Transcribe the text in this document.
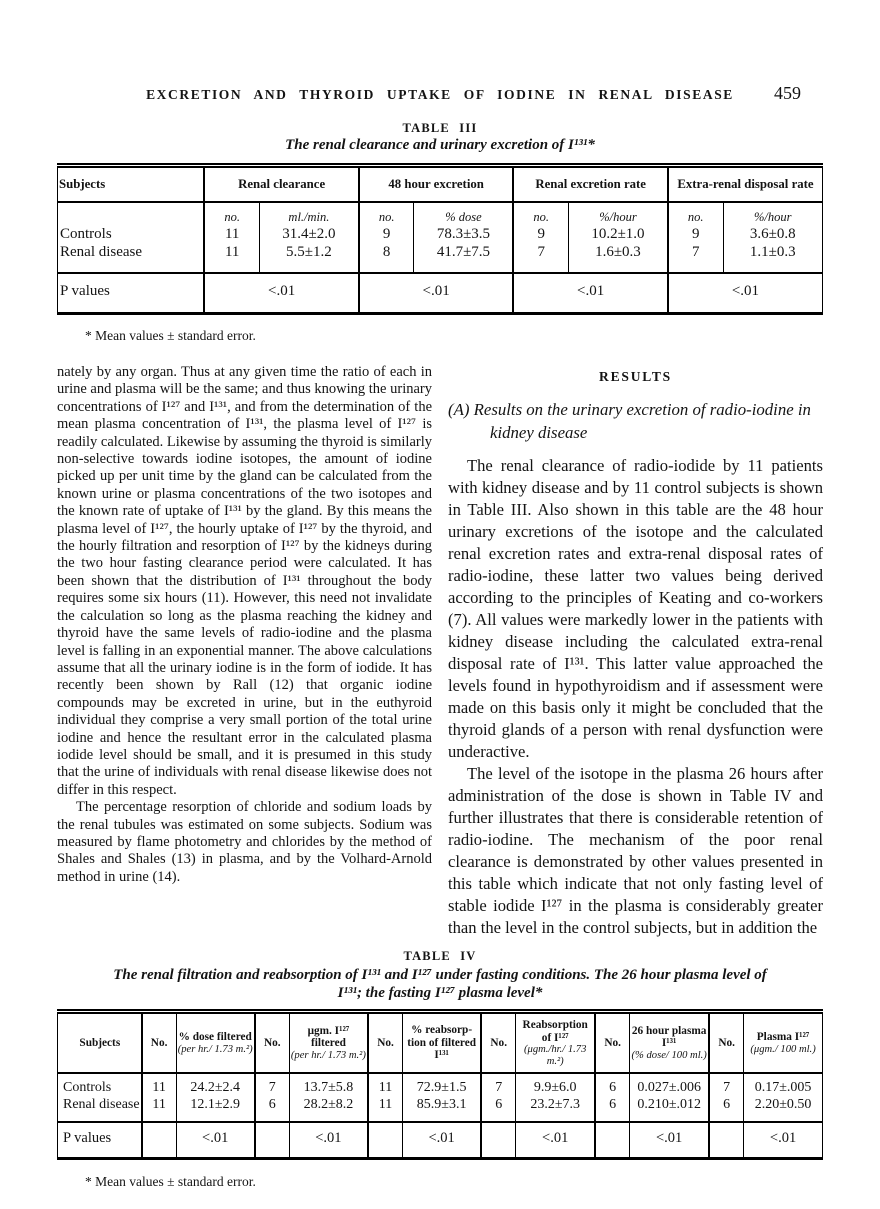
EXCRETION AND THYROID UPTAKE OF IODINE IN RENAL DISEASE 459
TABLE III
The renal clearance and urinary excretion of I¹³¹*
Subjects	Renal clearance		48 hour excretion		Renal excretion rate		Extra-renal disposal rate	
	no.	ml./min.	no.	% dose	no.	%/hour	no.	%/hour
Controls	11	31.4±2.0	9	78.3±3.5	9	10.2±1.0	9	3.6±0.8
Renal disease	11	5.5±1.2	8	41.7±7.5	7	1.6±0.3	7	1.1±0.3
P values	<.01		<.01		<.01		<.01	
* Mean values ± standard error.

nately by any organ. Thus at any given time the ratio of each in urine and plasma will be the same; and thus knowing the urinary concentrations of I¹²⁷ and I¹³¹, and from the determination of the mean plasma concentration of I¹³¹, the plasma level of I¹²⁷ is readily calculated. Likewise by assuming the thyroid is similarly non-selective towards iodine isotopes, the amount of iodine picked up per unit time by the gland can be calculated from the known urine or plasma concentrations of the two isotopes and the known rate of uptake of I¹³¹ by the gland. By this means the plasma level of I¹²⁷, the hourly uptake of I¹²⁷ by the thyroid, and the hourly filtration and resorption of I¹²⁷ by the kidneys during the two hour fasting clearance period were calculated. It has been shown that the distribution of I¹³¹ throughout the body requires some six hours (11). However, this need not invalidate the calculation so long as the plasma reaching the kidney and thyroid have the same levels of radio-iodine and the plasma level is falling in an exponential manner. The above calculations assume that all the urinary iodine is in the form of iodide. It has recently been shown by Rall (12) that organic iodine compounds may be excreted in urine, but in the euthyroid individual they comprise a very small portion of the total urine iodine and hence the resultant error in the calculated plasma iodide level should be small, and it is presumed in this study that the urine of individuals with renal disease likewise does not differ in this respect.

The percentage resorption of chloride and sodium loads by the renal tubules was estimated on some subjects. Sodium was measured by flame photometry and chlorides by the method of Shales and Shales (13) in plasma, and by the Volhard-Arnold method in urine (14).

RESULTS
(A) Results on the urinary excretion of radio-iodine in kidney disease

The renal clearance of radio-iodide by 11 patients with kidney disease and by 11 control subjects is shown in Table III. Also shown in this table are the 48 hour urinary excretions of the isotope and the calculated renal excretion rates and extra-renal disposal rates of radio-iodine, these latter two values being derived according to the principles of Keating and co-workers (7). All values were markedly lower in the patients with kidney disease including the calculated extra-renal disposal rate of I¹³¹. This latter value approached the levels found in hypothyroidism and if assessment were made on this basis only it might be concluded that the thyroid glands of a person with renal dysfunction were underactive.

The level of the isotope in the plasma 26 hours after administration of the dose is shown in Table IV and further illustrates that there is considerable retention of radio-iodine. The mechanism of the poor renal clearance is demonstrated by other values presented in this table which indicate that not only fasting level of stable iodide I¹²⁷ in the plasma is considerably greater than the level in the control subjects, but in addition the

TABLE IV
The renal filtration and reabsorption of I¹³¹ and I¹²⁷ under fasting conditions. The 26 hour plasma level of I¹³¹; the fasting I¹²⁷ plasma level*
Subjects	No.	% dose filtered
(per hr./ 1.73 m.²)	No.	μgm. I¹²⁷ filtered
(per hr./ 1.73 m.²)	No.	% reabsorption of filtered I¹³¹	No.	Reabsorption of I¹²⁷
(μgm./hr./ 1.73 m.²)	No.	26 hour plasma I¹³¹
(% dose/ 100 ml.)	No.	Plasma I¹²⁷
(μgm./ 100 ml.)

Controls	11	24.2±2.4	7	13.7±5.8	11	72.9±1.5	7	9.9±6.0	6	0.027±.006	7	0.17±.005
Renal disease	11	12.1±2.9	6	28.2±8.2	11	85.9±3.1	6	23.2±7.3	6	0.210±.012	6	2.20±0.50
P values		<.01		<.01		<.01		<.01		<.01		<.01
* Mean values ± standard error.
